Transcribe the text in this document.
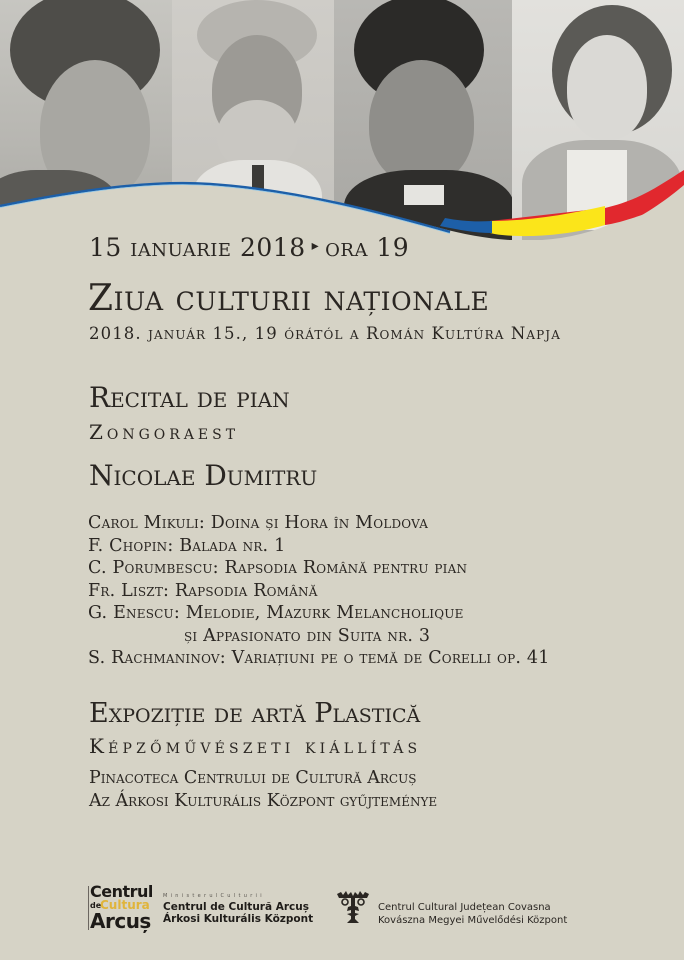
15 ianuarie 2018 ▸ ora 19
Ziua culturii naționale
2018. január 15., 19 órától a Román Kultúra Napja
Recital de pian
Zongoraest
Nicolae Dumitru
Carol Mikuli: Doina și Hora în Moldova
F. Chopin: Balada nr. 1
C. Porumbescu: Rapsodia Română pentru pian
Fr. Liszt: Rapsodia Română
G. Enescu: Melodie, Mazurk Melancholique
și Appasionato din Suita nr. 3
S. Rachmaninov: Variațiuni pe o temă de Corelli op. 41
Expoziție de artă Plastică
Képzőművészeti kiállítás
Pinacoteca Centrului de Cultură Arcuș
Az Árkosi Kulturális Központ gyűjteménye
Centrul
de
Cultura
Arcuș
MinisterulCulturii
Centrul de Cultură Arcuș
Árkosi Kulturális Központ
Centrul Cultural Județean Covasna
Kovászna Megyei Művelődési Központ
